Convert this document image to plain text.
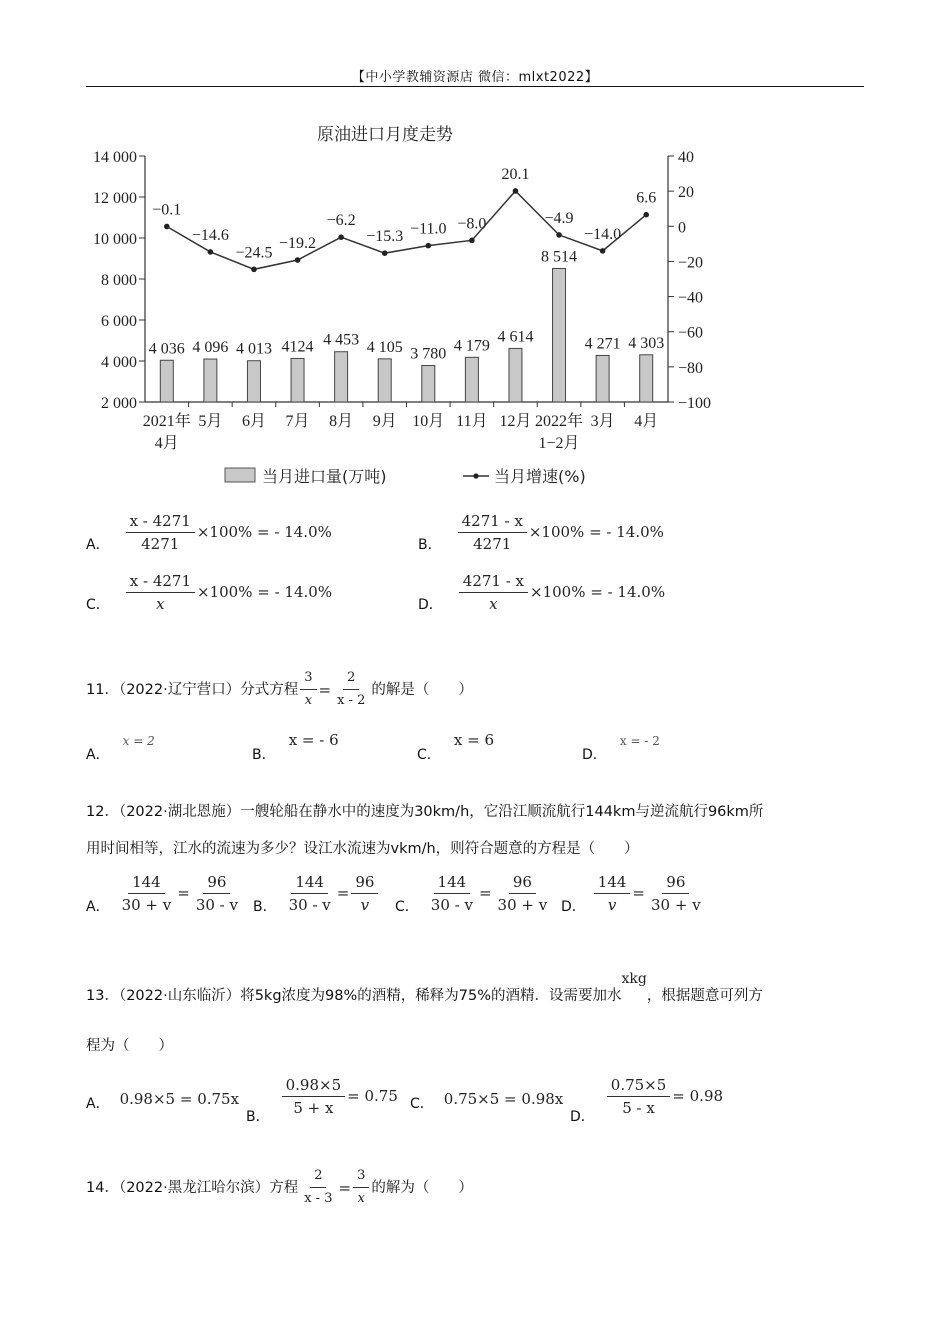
【中小学教辅资源店 微信：mlxt2022】
原油进口月度走势
14 000
12 000
10 000
8 000
6 000
4 000
2 000
40
20
0
−20
−40
−60
−80
−100
4 036 4 096 4 013 4124 4 453 4 105 3 780 4 179
4 614
8 514
4 271 4 303
−0.1
−14.6
−24.5
−19.2
−6.2
−15.3 −11.0 −8.0
20.1
−4.9
−14.0
6.6
2021年
4月
5月 6月 7月 8月 9月 10月 11月 12月 2022年
1−2月
3月 4月
当月进口量(万吨)	当月增速(%)
A． $\frac{x - 4271}{4271} \times 100\%$ = - 14.0%
B． $\frac{4271 - x}{4271} \times 100\%$ = - 14.0%
C． $\frac{x - 4271}{x} \times 100\%$ = - 14.0%
D． $\frac{4271 - x}{x} \times 100\%$ = - 14.0%
11．（2022·辽宁营口）分式方程 $\frac{3}{x} = \frac{2}{x - 2}$ 的解是（　　）
A． $^{x = 2}$
B． x = - 6
C． x = 6
D． $^{x = - 2}$
12．（2022·湖北恩施）一艘轮船在静水中的速度为30km/h，它沿江顺流航行144km与逆流航行96km所
用时间相等，江水的流速为多少？设江水流速为vkm/h，则符合题意的方程是（　　）
A． $\frac{144}{30 + v} = \frac{96}{30 - v}$ B． $\frac{144}{30 - v} = \frac{96}{v}$ C． $\frac{144}{30 - v} = \frac{96}{30 + v}$ D． $\frac{144}{v} = \frac{96}{30 + v}$
13．（2022·山东临沂）将5kg浓度为98%的酒精，稀释为75%的酒精．设需要加水xkg，根据题意可列方
程为（　　）
A． 0.98×5 = 0.75x
B． $\frac{0.98\times 5}{5 + x} = 0.75$ C． 0.75×5 = 0.98x
D． $\frac{0.75\times 5}{5 - x} = 0.98$
14．（2022·黑龙江哈尔滨）方程 $\frac{2}{x - 3} = \frac{3}{x}$ 的解为（　　）
